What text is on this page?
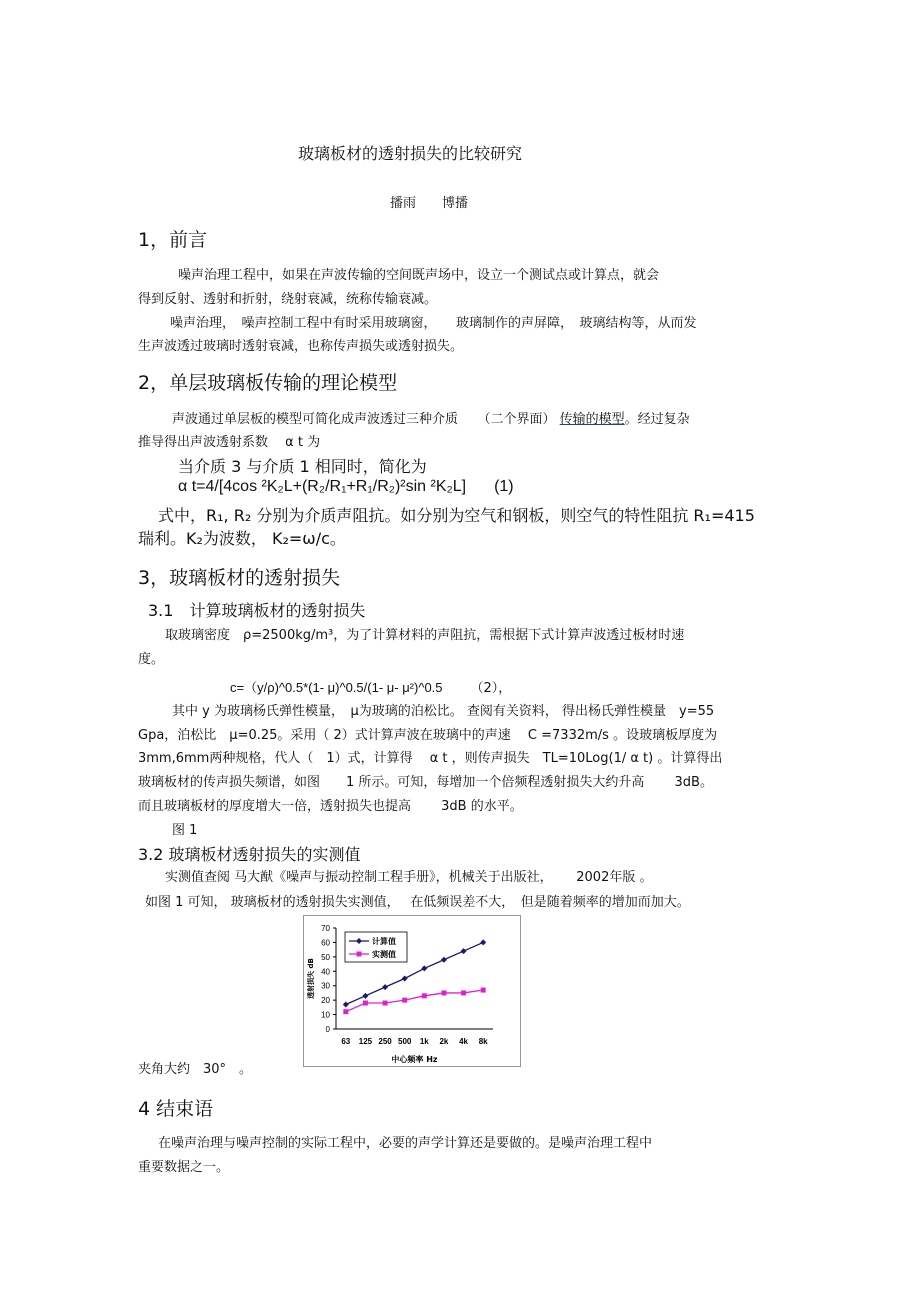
玻璃板材的透射损失的比较研究
播雨　　博播
1，前言
噪声治理工程中，如果在声波传输的空间既声场中，设立一个测试点或计算点，就会
得到反射、透射和折射，绕射衰减，统称传输衰减。
噪声治理，　噪声控制工程中有时采用玻璃窗，　　玻璃制作的声屏障，　玻璃结构等，从而发
生声波透过玻璃时透射衰减，也称传声损失或透射损失。
2，单层玻璃板传输的理论模型
声波通过单层板的模型可简化成声波透过三种介质　　（二个界面） 传输的模型。经过复杂
推导得出声波透射系数　 α t 为
当介质 3 与介质 1 相同时，简化为
α t=4/[4cos ²K₂L+(R₂/R₁+R₁/R₂)²sin ²K₂L] (1)
式中，R₁, R₂ 分别为介质声阻抗。如分别为空气和钢板，则空气的特性阻抗 R₁=415
瑞利。K₂为波数， K₂=ω/c。
3，玻璃板材的透射损失
3.1　计算玻璃板材的透射损失
取玻璃密度　ρ=2500kg/m³，为了计算材料的声阻抗，需根据下式计算声波透过板材时速
度。
c=（y/ρ)^0.5*(1- μ)^0.5/(1- μ- μ²)^0.5 （2），
其中 y 为玻璃杨氏弹性模量，　μ为玻璃的泊松比。 查阅有关资料， 得出杨氏弹性模量　y=55
Gpa，泊松比　μ=0.25。采用（ 2）式计算声波在玻璃中的声速　 C =7332m/s 。设玻璃板厚度为
3mm,6mm两种规格，代人（　1）式，计算得　 α t ，则传声损失　TL=10Log(1/ α t) 。计算得出
玻璃板材的传声损失频谱，如图　　1 所示。可知，每增加一个倍频程透射损失大约升高　　 3dB。
而且玻璃板材的厚度增大一倍，透射损失也提高　　 3dB 的水平。
图 1
3.2 玻璃板材透射损失的实测值
实测值查阅 马大猷《噪声与振动控制工程手册》，机械关于出版社，　　 2002年版 。
如图 1 可知， 玻璃板材的透射损失实测值，　 在低频误差不大，　但是随着频率的增加而加大。
0
10
20
30
40
50
60
70
63 125 250 500 1k 2k 4k 8k
中心频率 Hz
透射损失 dB
计算值
实测值
夹角大约　30°　。
4 结束语
在噪声治理与噪声控制的实际工程中，必要的声学计算还是要做的。是噪声治理工程中
重要数据之一。
